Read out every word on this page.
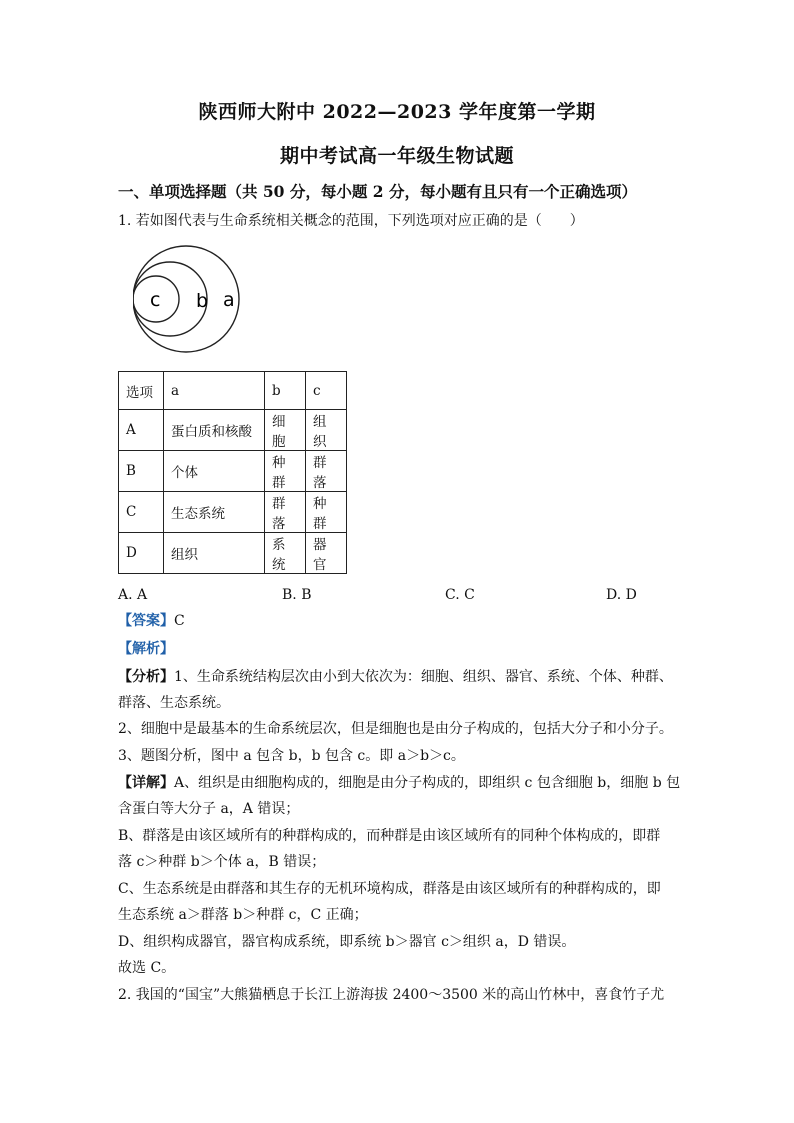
陕西师大附中 2022—2023 学年度第一学期
期中考试高一年级生物试题
一、单项选择题（共 50 分，每小题 2 分，每小题有且只有一个正确选项）
1. 若如图代表与生命系统相关概念的范围，下列选项对应正确的是（　　）
c b a
选项	a	b	c
A	蛋白质和核酸	细胞	组织
B	个体	种群	群落
C	生态系统	群落	种群
D	组织	系统	器官
A. A	B. B	C. C	D. D
【答案】C
【解析】
【分析】1、生命系统结构层次由小到大依次为：细胞、组织、器官、系统、个体、种群、
群落、生态系统。
2、细胞中是最基本的生命系统层次，但是细胞也是由分子构成的，包括大分子和小分子。
3、题图分析，图中 a 包含 b，b 包含 c。即 a＞b＞c。
【详解】A、组织是由细胞构成的，细胞是由分子构成的，即组织 c 包含细胞 b，细胞 b 包
含蛋白等大分子 a，A 错误；
B、群落是由该区域所有的种群构成的，而种群是由该区域所有的同种个体构成的，即群
落 c＞种群 b＞个体 a，B 错误；
C、生态系统是由群落和其生存的无机环境构成，群落是由该区域所有的种群构成的，即
生态系统 a＞群落 b＞种群 c，C 正确；
D、组织构成器官，器官构成系统，即系统 b＞器官 c＞组织 a，D 错误。
故选 C。
2. 我国的“国宝”大熊猫栖息于长江上游海拔 2400～3500 米的高山竹林中，喜食竹子尤
